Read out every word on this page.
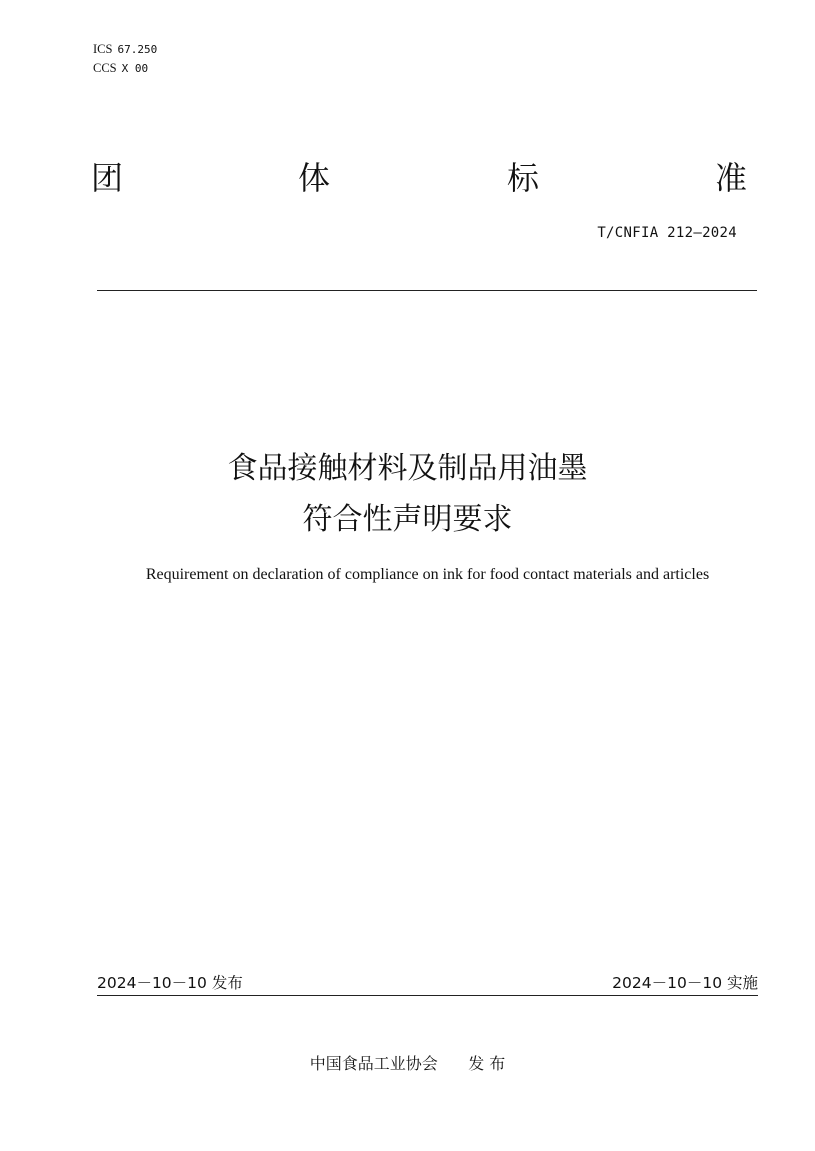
ICS 67.250
CCS X 00
团	体	标	准
T/CNFIA 212—2024
食品接触材料及制品用油墨
符合性声明要求
Requirement on declaration of compliance on ink for food contact materials and articles
2024－10－10 发布	2024－10－10 实施
中国食品工业协会 发 布
